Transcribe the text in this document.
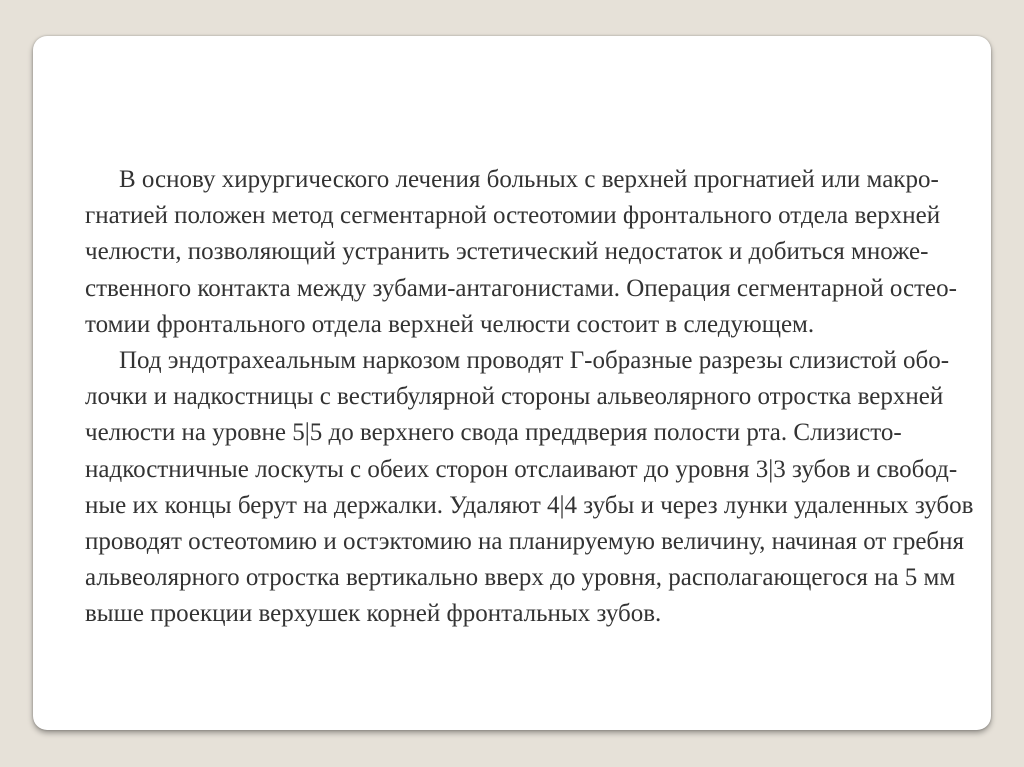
В основу хирургического лечения больных с верхней прогнатией или макро-
гнатией положен метод сегментарной остеотомии фронтального отдела верхней
челюсти, позволяющий устранить эстетический недостаток и добиться множе-
ственного контакта между зубами-антагонистами. Операция сегментарной остео-
томии фронтального отдела верхней челюсти состоит в следующем.

Под эндотрахеальным наркозом проводят Г-образные разрезы слизистой обо-
лочки и надкостницы с вестибулярной стороны альвеолярного отростка верхней
челюсти на уровне 5|5 до верхнего свода преддверия полости рта. Слизисто-
надкостничные лоскуты с обеих сторон отслаивают до уровня 3|3 зубов и свобод-
ные их концы берут на держалки. Удаляют 4|4 зубы и через лунки удаленных зубов
проводят остеотомию и остэктомию на планируемую величину, начиная от гребня
альвеолярного отростка вертикально вверх до уровня, располагающегося на 5 мм
выше проекции верхушек корней фронтальных зубов.
